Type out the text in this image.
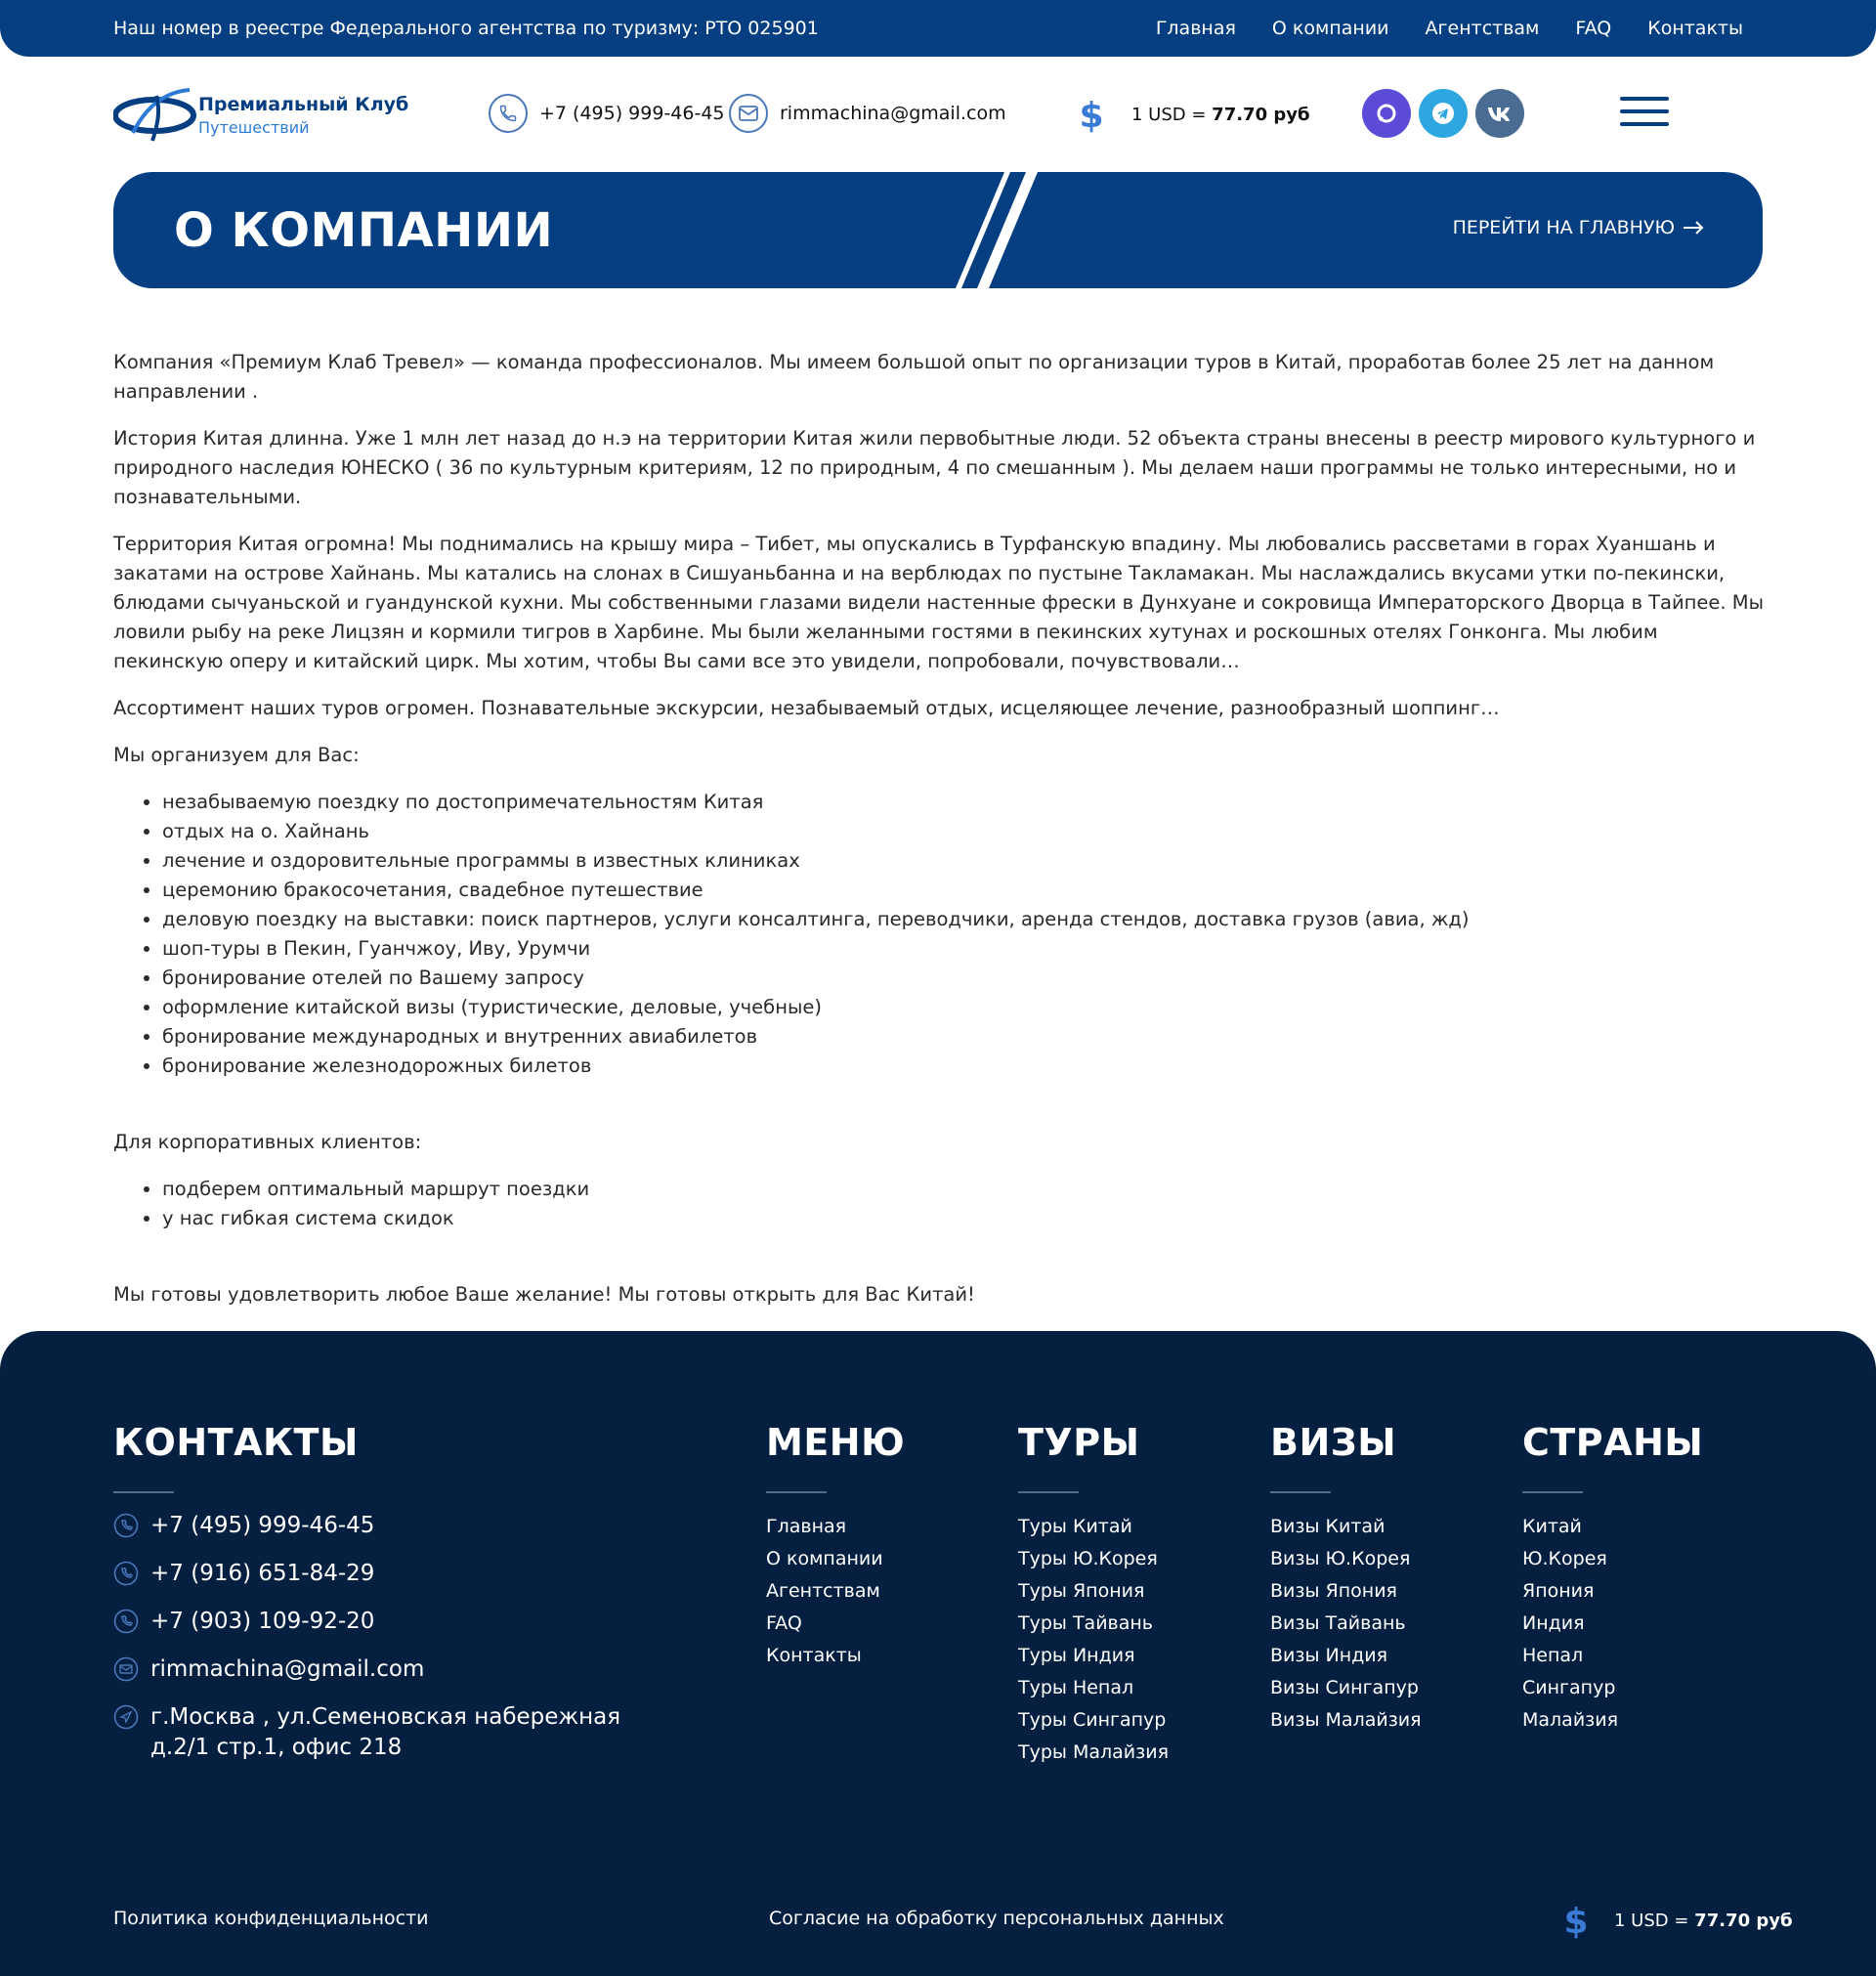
Наш номер в реестре Федерального агентства по туризму: РТО 025901	Главная О компании Агентствам FAQ Контакты
Премиальный Клуб
Путешествий
+7 (495) 999-46-45	rimmachina@gmail.com $ 1 USD = 77.70 руб
О КОМПАНИИ	ПЕРЕЙТИ НА ГЛАВНУЮ

Компания «Премиум Клаб Тревел» — команда профессионалов. Мы имеем большой опыт по организации туров в Китай, проработав более 25 лет на данном направлении .

История Китая длинна. Уже 1 млн лет назад до н.э на территории Китая жили первобытные люди. 52 объекта страны внесены в реестр мирового культурного и природного наследия ЮНЕСКО ( 36 по культурным критериям, 12 по природным, 4 по смешанным ). Мы делаем наши программы не только интересными, но и познавательными.

Территория Китая огромна! Мы поднимались на крышу мира – Тибет, мы опускались в Турфанскую впадину. Мы любовались рассветами в горах Хуаншань и закатами на острове Хайнань. Мы катались на слонах в Сишуаньбанна и на верблюдах по пустыне Такламакан. Мы наслаждались вкусами утки по-пекински, блюдами сычуаньской и гуандунской кухни. Мы собственными глазами видели настенные фрески в Дунхуане и сокровища Императорского Дворца в Тайпее. Мы ловили рыбу на реке Лицзян и кормили тигров в Харбине. Мы были желанными гостями в пекинских хутунах и роскошных отелях Гонконга. Мы любим пекинскую оперу и китайский цирк. Мы хотим, чтобы Вы сами все это увидели, попробовали, почувствовали…

Ассортимент наших туров огромен. Познавательные экскурсии, незабываемый отдых, исцеляющее лечение, разнообразный шоппинг…

Мы организуем для Вас:

• незабываемую поездку по достопримечательностям Китая
• отдых на о. Хайнань
• лечение и оздоровительные программы в известных клиниках
• церемонию бракосочетания, свадебное путешествие
• деловую поездку на выставки: поиск партнеров, услуги консалтинга, переводчики, аренда стендов, доставка грузов (авиа, жд)
• шоп-туры в Пекин, Гуанчжоу, Иву, Урумчи
• бронирование отелей по Вашему запросу
• оформление китайской визы (туристические, деловые, учебные)
• бронирование международных и внутренних авиабилетов
• бронирование железнодорожных билетов

Для корпоративных клиентов:

• подберем оптимальный маршрут поездки
• у нас гибкая система скидок

Мы готовы удовлетворить любое Ваше желание! Мы готовы открыть для Вас Китай!

КОНТАКТЫ
+7 (495) 999-46-45
+7 (916) 651-84-29
+7 (903) 109-92-20
rimmachina@gmail.com
г.Москва , ул.Семеновская набережная
д.2/1 стр.1, офис 218
МЕНЮ
Главная
О компании
Агентствам
FAQ
Контакты
ТУРЫ
Туры Китай
Туры Ю.Корея
Туры Япония
Туры Тайвань
Туры Индия
Туры Непал
Туры Сингапур
Туры Малайзия
ВИЗЫ
Визы Китай
Визы Ю.Корея
Визы Япония
Визы Тайвань
Визы Индия
Визы Сингапур
Визы Малайзия
СТРАНЫ
Китай
Ю.Корея
Япония
Индия
Непал
Сингапур
Малайзия
Политика конфиденциальности	Согласие на обработку персональных данных	$ 1 USD = 77.70 руб
